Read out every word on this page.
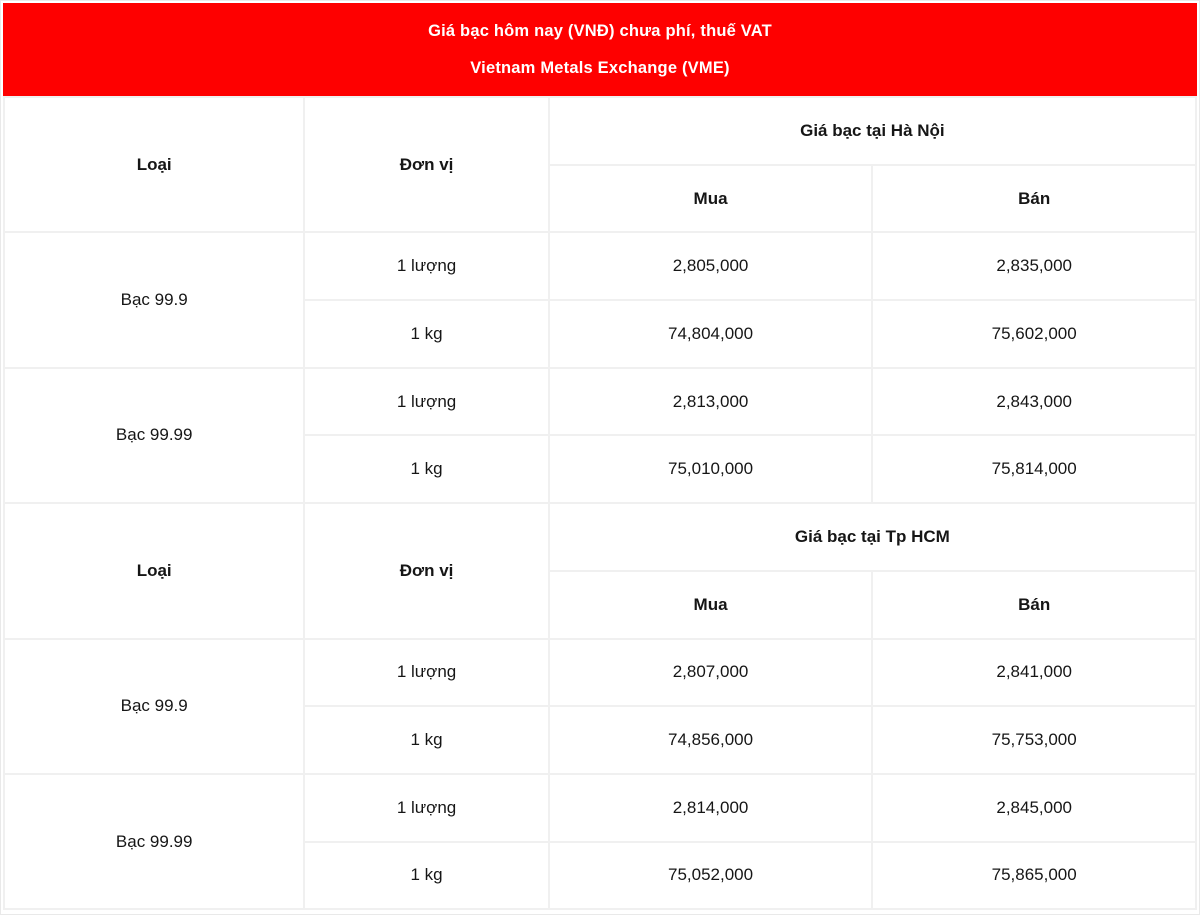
Giá bạc hôm nay (VNĐ) chưa phí, thuế VAT
Vietnam Metals Exchange (VME)
Loại	Đơn vị	Giá bạc tại Hà Nội	
		Mua	Bán
Bạc 99.9	1 lượng	2,805,000	2,835,000
	1 kg	74,804,000	75,602,000
Bạc 99.99	1 lượng	2,813,000	2,843,000
	1 kg	75,010,000	75,814,000
Loại	Đơn vị	Giá bạc tại Tp HCM	
		Mua	Bán
Bạc 99.9	1 lượng	2,807,000	2,841,000
	1 kg	74,856,000	75,753,000
Bạc 99.99	1 lượng	2,814,000	2,845,000
	1 kg	75,052,000	75,865,000
